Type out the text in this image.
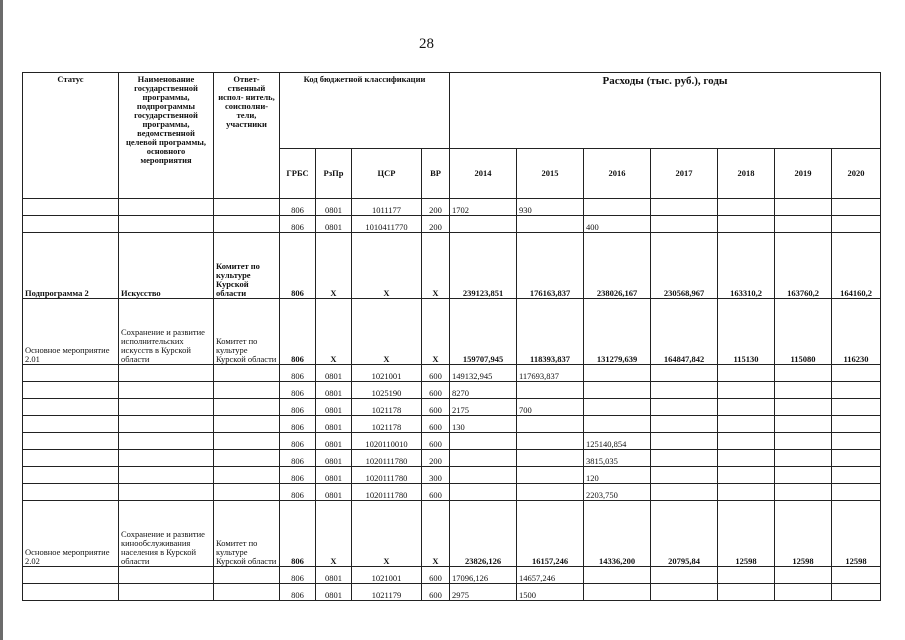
28
Статус	Наименование государственной программы, подпрограммы государственной программы, ведомственной целевой программы, основного мероприятия	Ответ- ственный испол- нитель, соисполни- тели, участники	Код бюджетной классификации				Расходы (тыс. руб.), годы						
			ГРБС	РзПр	ЦСР	ВР	2014	2015	2016	2017	2018	2019	2020
			806	0801	1011177	200	1702	930					
			806	0801	1010411770	200			400				
Подпрограмма 2	Искусство	Комитет по культуре Курской области	806	Х	Х	Х	239123,851	176163,837	238026,167	230568,967	163310,2	163760,2	164160,2
Основное мероприятие 2.01	Сохранение и развитие исполнительских искусств в Курской области	Комитет по культуре Курской области	806	Х	Х	Х	159707,945	118393,837	131279,639	164847,842	115130	115080	116230
			806	0801	1021001	600	149132,945	117693,837					
			806	0801	1025190	600	8270						
			806	0801	1021178	600	2175	700					
			806	0801	1021178	600	130						
			806	0801	1020110010	600			125140,854				
			806	0801	1020111780	200			3815,035				
			806	0801	1020111780	300			120				
			806	0801	1020111780	600			2203,750				
Основное мероприятие 2.02	Сохранение и развитие кинообслуживания населения в Курской области	Комитет по культуре Курской области	806	Х	Х	Х	23826,126	16157,246	14336,200	20795,84	12598	12598	12598
			806	0801	1021001	600	17096,126	14657,246					
			806	0801	1021179	600	2975	1500					
